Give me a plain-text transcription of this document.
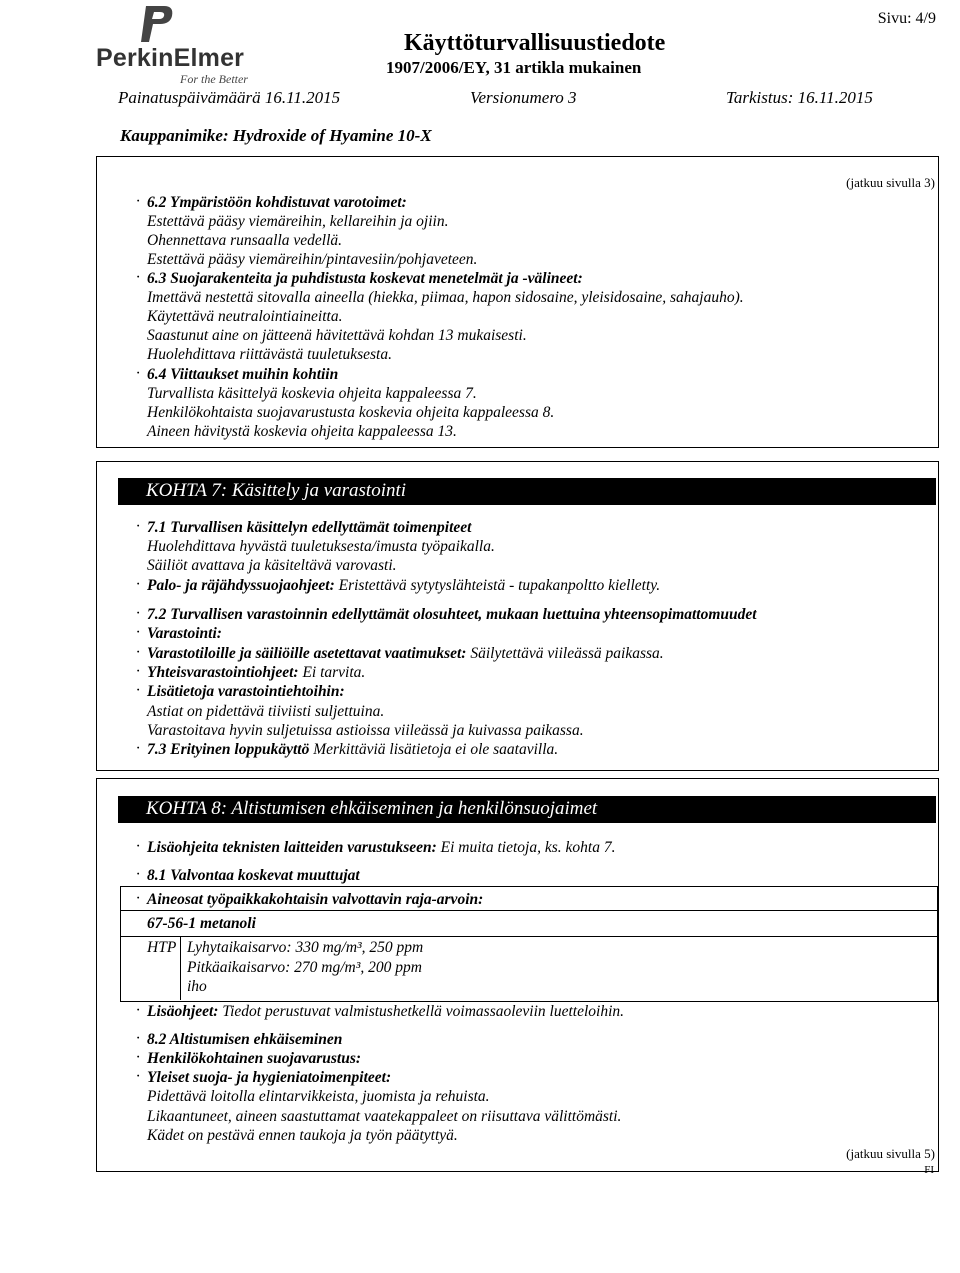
PerkinElmer
For the Better
Käyttöturvallisuustiedote
1907/2006/EY, 31 artikla mukainen
Sivu: 4/9
Painatuspäivämäärä 16.11.2015	Versionumero 3	Tarkistus: 16.11.2015
Kauppanimike: Hydroxide of Hyamine 10-X
(jatkuu sivulla 3)
· 6.2 Ympäristöön kohdistuvat varotoimet:
Estettävä pääsy viemäreihin, kellareihin ja ojiin.
Ohennettava runsaalla vedellä.
Estettävä pääsy viemäreihin/pintavesiin/pohjaveteen.
· 6.3 Suojarakenteita ja puhdistusta koskevat menetelmät ja -välineet:
Imettävä nestettä sitovalla aineella (hiekka, piimaa, hapon sidosaine, yleisidosaine, sahajauho).
Käytettävä neutralointiaineitta.
Saastunut aine on jätteenä hävitettävä kohdan 13 mukaisesti.
Huolehdittava riittävästä tuuletuksesta.
· 6.4 Viittaukset muihin kohtiin
Turvallista käsittelyä koskevia ohjeita kappaleessa 7.
Henkilökohtaista suojavarustusta koskevia ohjeita kappaleessa 8.
Aineen hävitystä koskevia ohjeita kappaleessa 13.
KOHTA 7: Käsittely ja varastointi
· 7.1 Turvallisen käsittelyn edellyttämät toimenpiteet
Huolehdittava hyvästä tuuletuksesta/imusta työpaikalla.
Säiliöt avattava ja käsiteltävä varovasti.
· Palo- ja räjähdyssuojaohjeet: Eristettävä sytytyslähteistä - tupakanpoltto kielletty.
· 7.2 Turvallisen varastoinnin edellyttämät olosuhteet, mukaan luettuina yhteensopimattomuudet
· Varastointi:
· Varastotiloille ja säiliöille asetettavat vaatimukset: Säilytettävä viileässä paikassa.
· Yhteisvarastointiohjeet: Ei tarvita.
· Lisätietoja varastointiehtoihin:
Astiat on pidettävä tiiviisti suljettuina.
Varastoitava hyvin suljetuissa astioissa viileässä ja kuivassa paikassa.
· 7.3 Erityinen loppukäyttö Merkittäviä lisätietoja ei ole saatavilla.
KOHTA 8: Altistumisen ehkäiseminen ja henkilönsuojaimet
· Lisäohjeita teknisten laitteiden varustukseen: Ei muita tietoja, ks. kohta 7.
· 8.1 Valvontaa koskevat muuttujat
· Aineosat työpaikkakohtaisin valvottavin raja-arvoin:
67-56-1 metanoli
HTP Lyhytaikaisarvo: 330 mg/m³, 250 ppm
Pitkäaikaisarvo: 270 mg/m³, 200 ppm
iho
· Lisäohjeet: Tiedot perustuvat valmistushetkellä voimassaoleviin luetteloihin.
· 8.2 Altistumisen ehkäiseminen
· Henkilökohtainen suojavarustus:
· Yleiset suoja- ja hygieniatoimenpiteet:
Pidettävä loitolla elintarvikkeista, juomista ja rehuista.
Likaantuneet, aineen saastuttamat vaatekappaleet on riisuttava välittömästi.
Kädet on pestävä ennen taukoja ja työn päätyttyä.
(jatkuu sivulla 5)
FI
